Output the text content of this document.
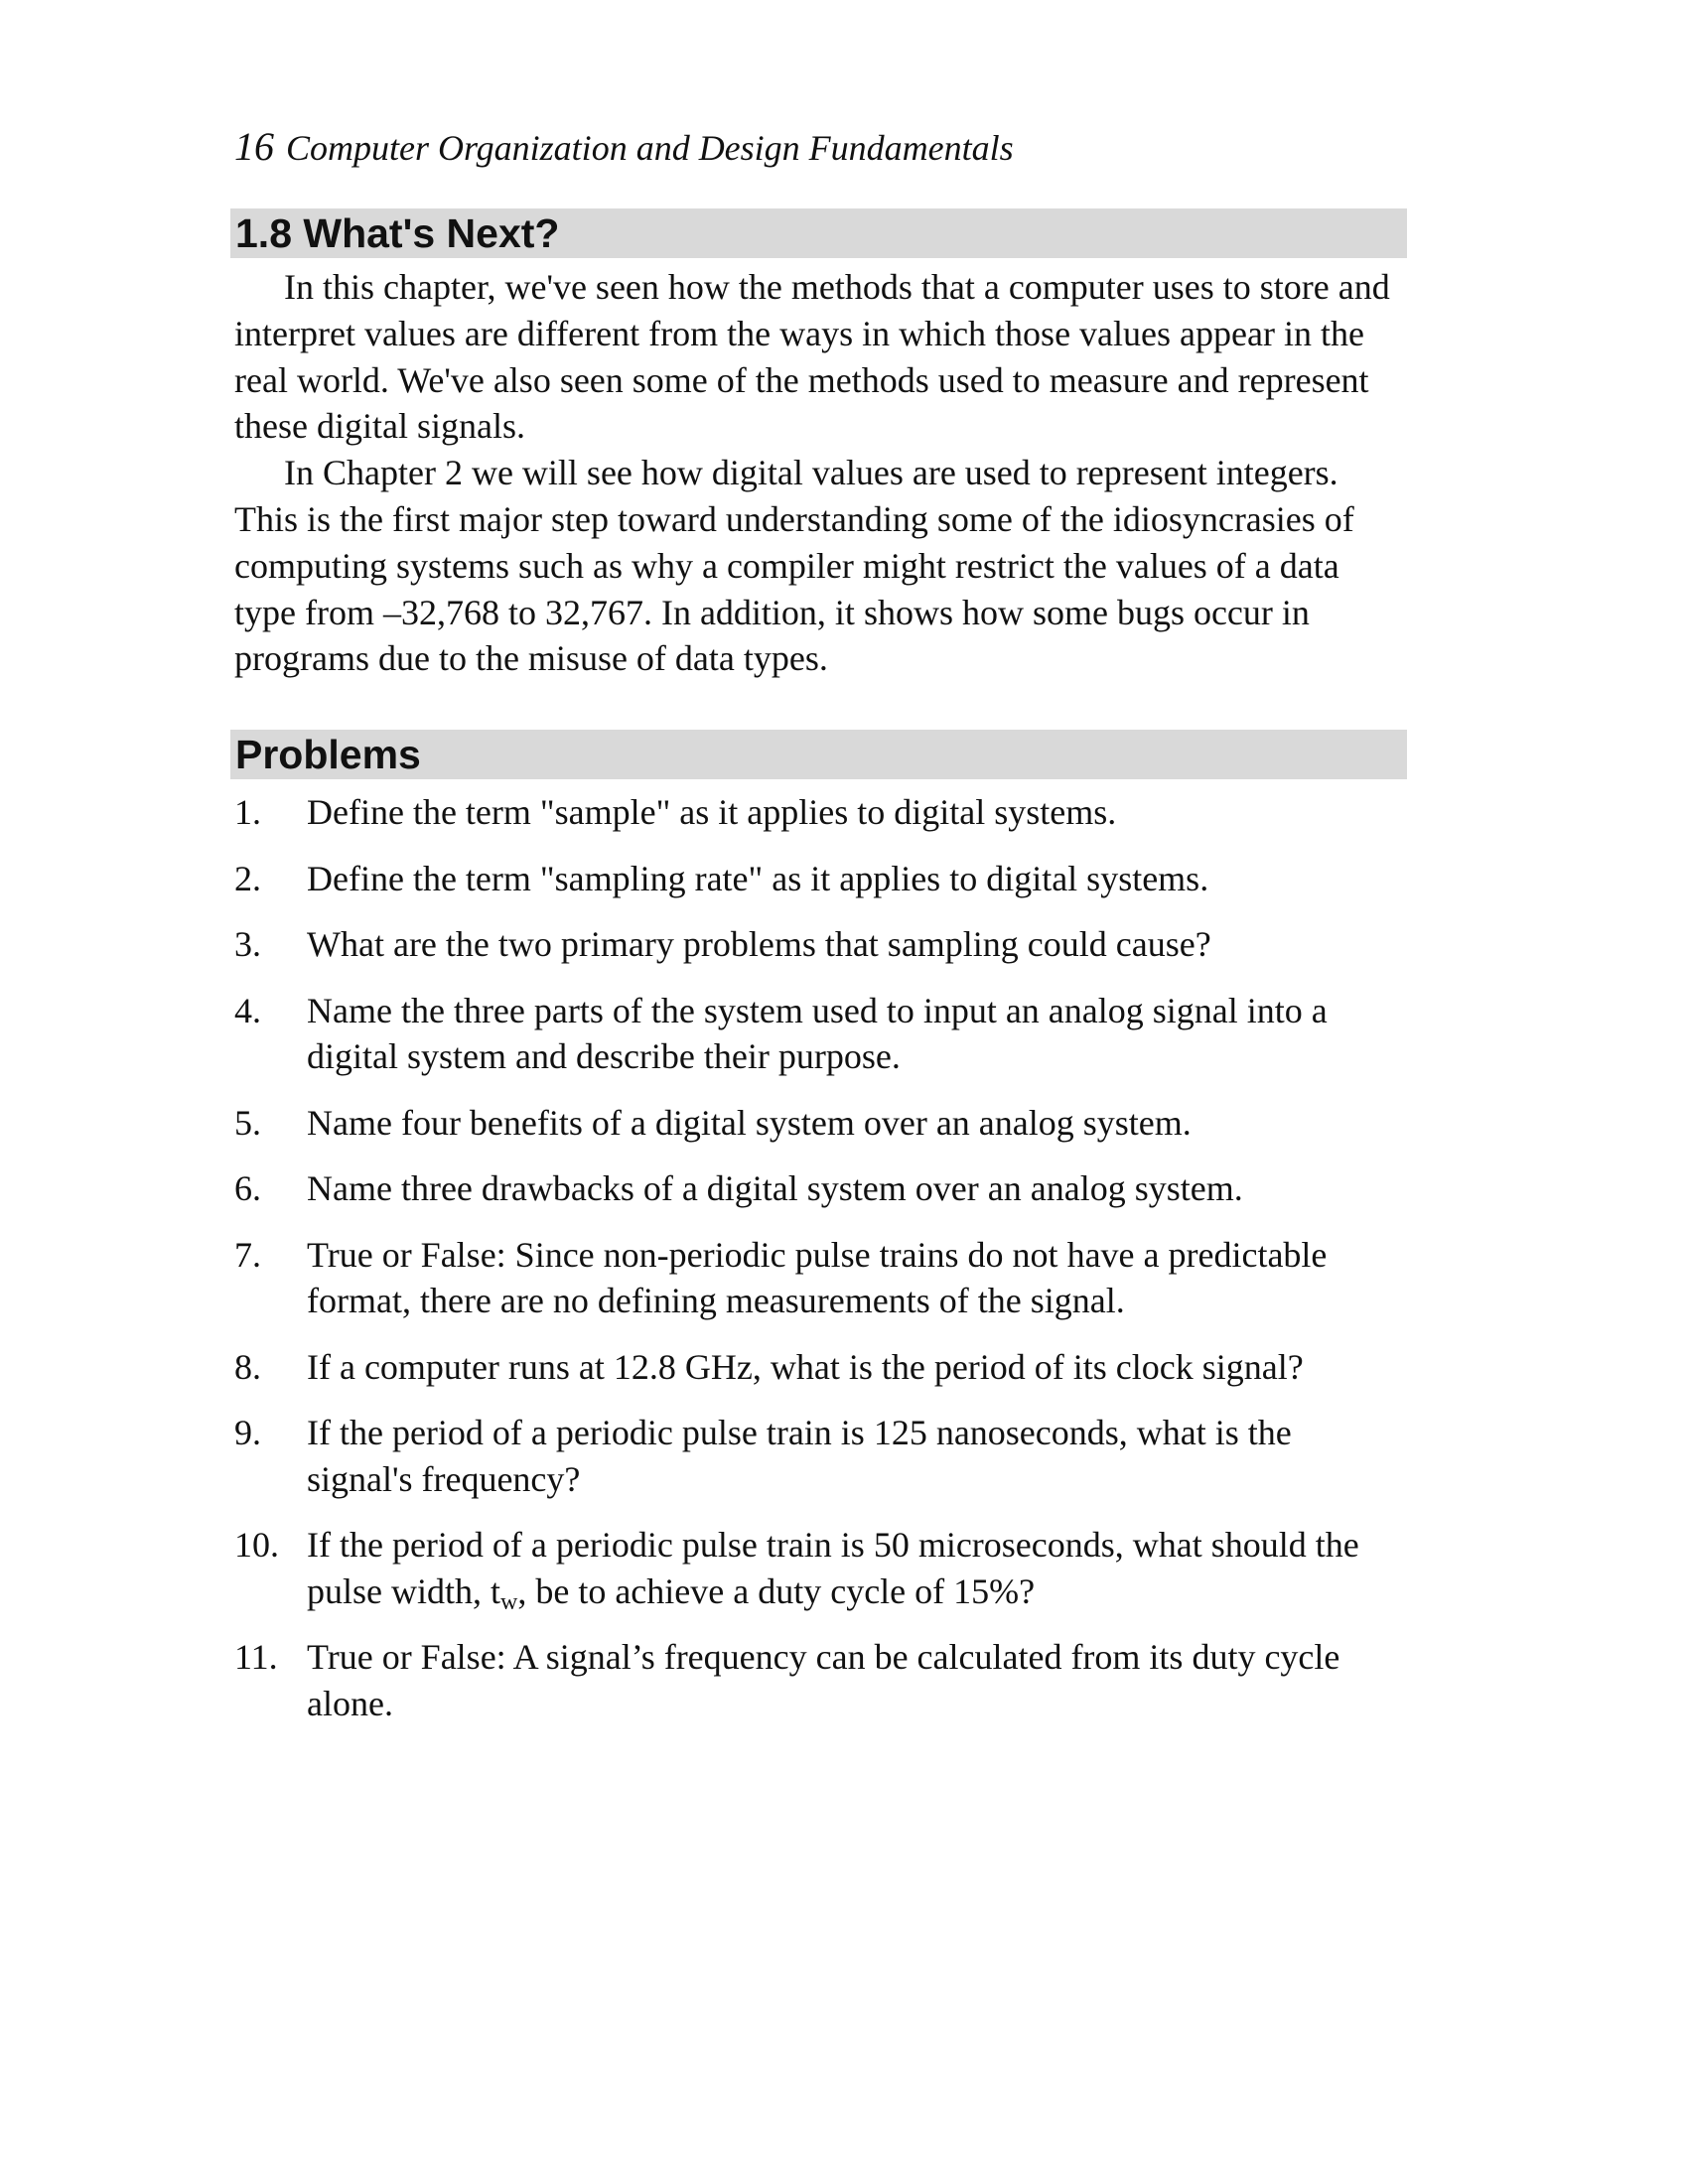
16 Computer Organization and Design Fundamentals
1.8 What's Next?

In this chapter, we've seen how the methods that a computer uses to store and interpret values are different from the ways in which those values appear in the real world. We've also seen some of the methods used to measure and represent these digital signals.

In Chapter 2 we will see how digital values are used to represent integers. This is the first major step toward understanding some of the idiosyncrasies of computing systems such as why a compiler might restrict the values of a data type from –32,768 to 32,767. In addition, it shows how some bugs occur in programs due to the misuse of data types.

Problems
1.	Define the term "sample" as it applies to digital systems.
2.	Define the term "sampling rate" as it applies to digital systems.
3.	What are the two primary problems that sampling could cause?
4.	Name the three parts of the system used to input an analog signal into a digital system and describe their purpose.
5.	Name four benefits of a digital system over an analog system.
6.	Name three drawbacks of a digital system over an analog system.
7.	True or False: Since non-periodic pulse trains do not have a predictable format, there are no defining measurements of the signal.
8.	If a computer runs at 12.8 GHz, what is the period of its clock signal?
9.	If the period of a periodic pulse train is 125 nanoseconds, what is the signal's frequency?
10. If the period of a periodic pulse train is 50 microseconds, what should the pulse width, $t_w$, be to achieve a duty cycle of 15%?
11. True or False: A signal’s frequency can be calculated from its duty cycle alone.
